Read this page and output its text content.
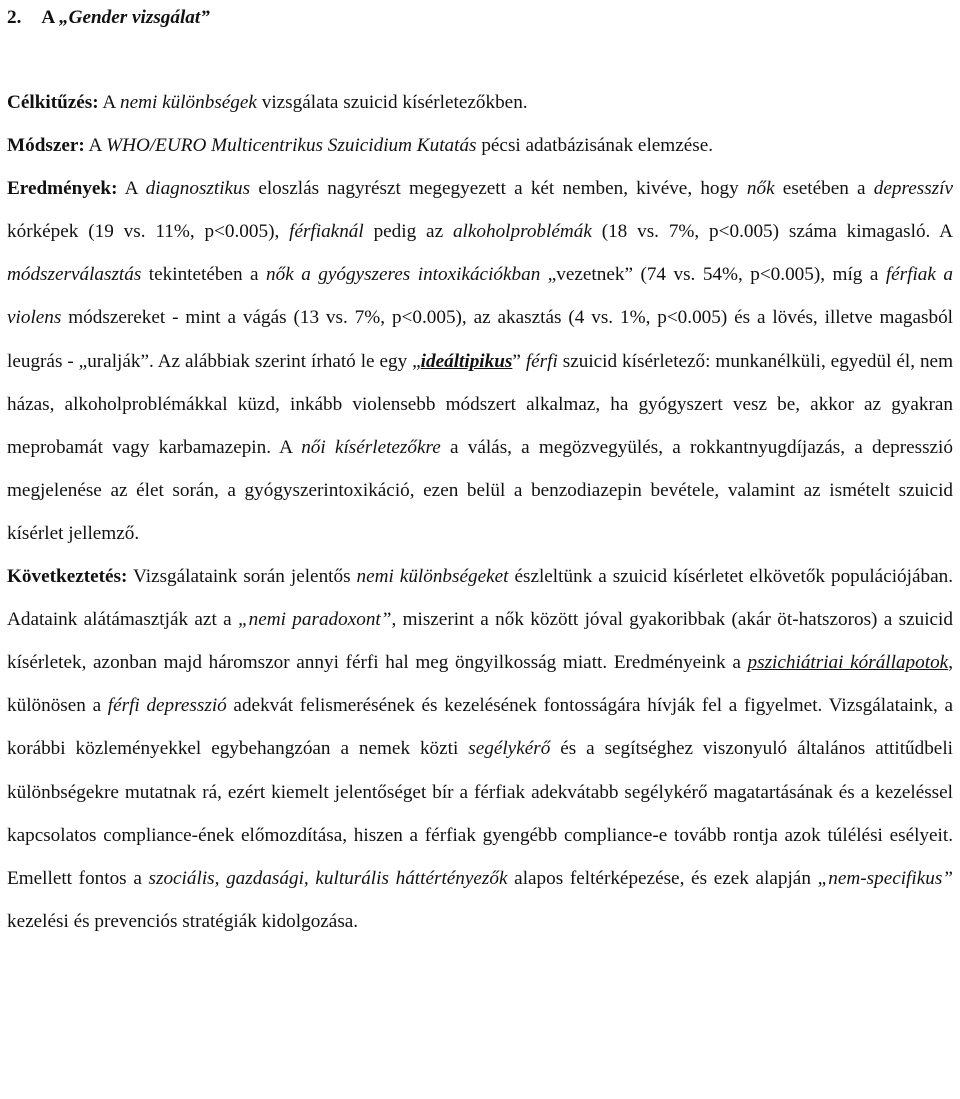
2. A „Gender vizsgálat”

Célkitűzés: A nemi különbségek vizsgálata szuicid kísérletezőkben.

Módszer: A WHO/EURO Multicentrikus Szuicidium Kutatás pécsi adatbázisának elemzése.

Eredmények: A diagnosztikus eloszlás nagyrészt megegyezett a két nemben, kivéve, hogy nők esetében a depresszív kórképek (19 vs. 11%, p<0.005), férfiaknál pedig az alkoholproblémák (18 vs. 7%, p<0.005) száma kimagasló. A módszerválasztás tekintetében a nők a gyógyszeres intoxikációkban „vezetnek” (74 vs. 54%, p<0.005), míg a férfiak a violens módszereket - mint a vágás (13 vs. 7%, p<0.005), az akasztás (4 vs. 1%, p<0.005) és a lövés, illetve magasból leugrás - „uralják”. Az alábbiak szerint írható le egy „ideáltipikus” férfi szuicid kísérletező: munkanélküli, egyedül él, nem házas, alkoholproblémákkal küzd, inkább violensebb módszert alkalmaz, ha gyógyszert vesz be, akkor az gyakran meprobamát vagy karbamazepin. A női kísérletezőkre a válás, a megözvegyülés, a rokkantnyugdíjazás, a depresszió megjelenése az élet során, a gyógyszerintoxikáció, ezen belül a benzodiazepin bevétele, valamint az ismételt szuicid kísérlet jellemző.

Következtetés: Vizsgálataink során jelentős nemi különbségeket észleltünk a szuicid kísérletet elkövetők populációjában. Adataink alátámasztják azt a „nemi paradoxont”, miszerint a nők között jóval gyakoribbak (akár öt-hatszoros) a szuicid kísérletek, azonban majd háromszor annyi férfi hal meg öngyilkosság miatt. Eredményeink a pszichiátriai kórállapotok, különösen a férfi depresszió adekvát felismerésének és kezelésének fontosságára hívják fel a figyelmet. Vizsgálataink, a korábbi közleményekkel egybehangzóan a nemek közti segélykérő és a segítséghez viszonyuló általános attitűdbeli különbségekre mutatnak rá, ezért kiemelt jelentőséget bír a férfiak adekvátabb segélykérő magatartásának és a kezeléssel kapcsolatos compliance-ének előmozdítása, hiszen a férfiak gyengébb compliance-e tovább rontja azok túlélési esélyeit. Emellett fontos a szociális, gazdasági, kulturális háttértényezők alapos feltérképezése, és ezek alapján „nem-specifikus” kezelési és prevenciós stratégiák kidolgozása.
